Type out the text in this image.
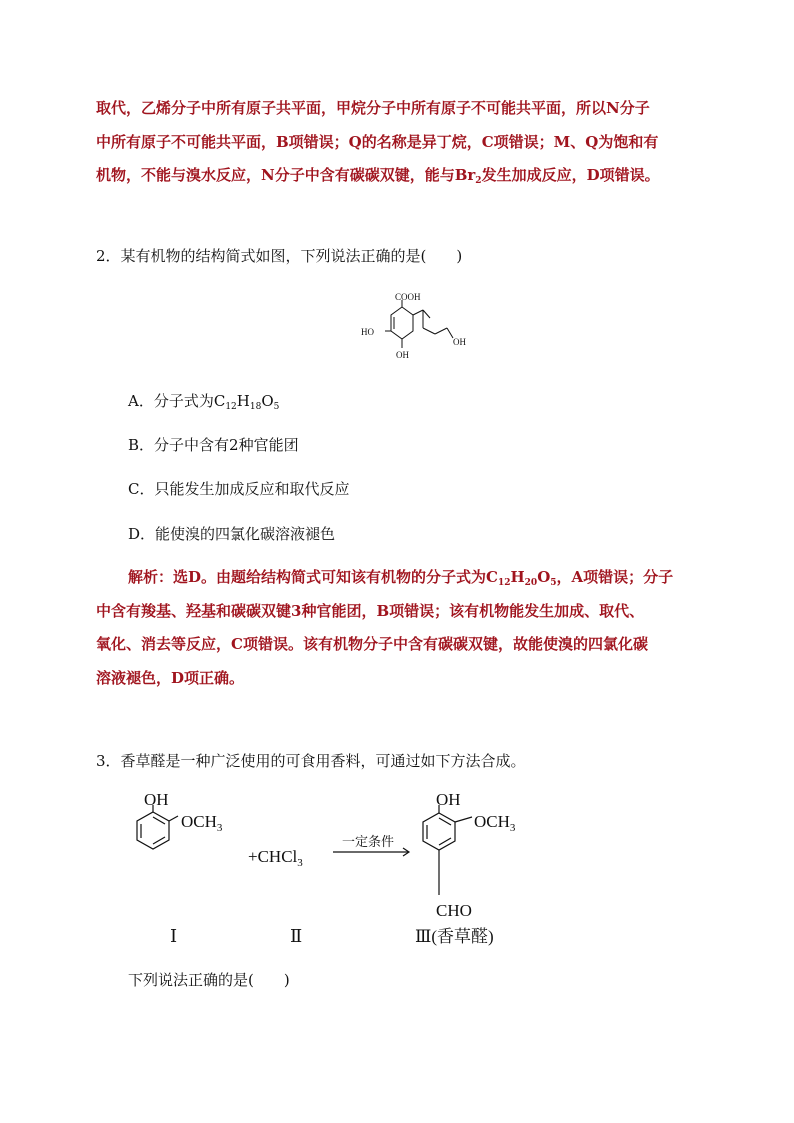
取代，乙烯分子中所有原子共平面，甲烷分子中所有原子不可能共平面，所以N分子

中所有原子不可能共平面，B项错误；Q的名称是异丁烷，C项错误；M、Q为饱和有

机物，不能与溴水反应，N分子中含有碳碳双键，能与$Br_2$发生加成反应，D项错误。

2．某有机物的结构简式如图，下列说法正确的是(　　)
COOH
HO
OH
OH
A．分子式为$C_{12}H_{18}O_5$
B．分子中含有2种官能团
C．只能发生加成反应和取代反应
D．能使溴的四氯化碳溶液褪色

解析：选D。由题给结构简式可知该有机物的分子式为$C_{12}H_{20}O_5$，A项错误；分子

中含有羧基、羟基和碳碳双键3种官能团，B项错误；该有机物能发生加成、取代、

氧化、消去等反应，C项错误。该有机物分子中含有碳碳双键，故能使溴的四氯化碳

溶液褪色，D项正确。

3．香草醛是一种广泛使用的可食用香料，可通过如下方法合成。
OH
$OCH_3$
+CHCl$_3$
一定条件
OH
$OCH_3$
CHO
Ⅰ	Ⅱ	Ⅲ(香草醛)
下列说法正确的是(　　)
